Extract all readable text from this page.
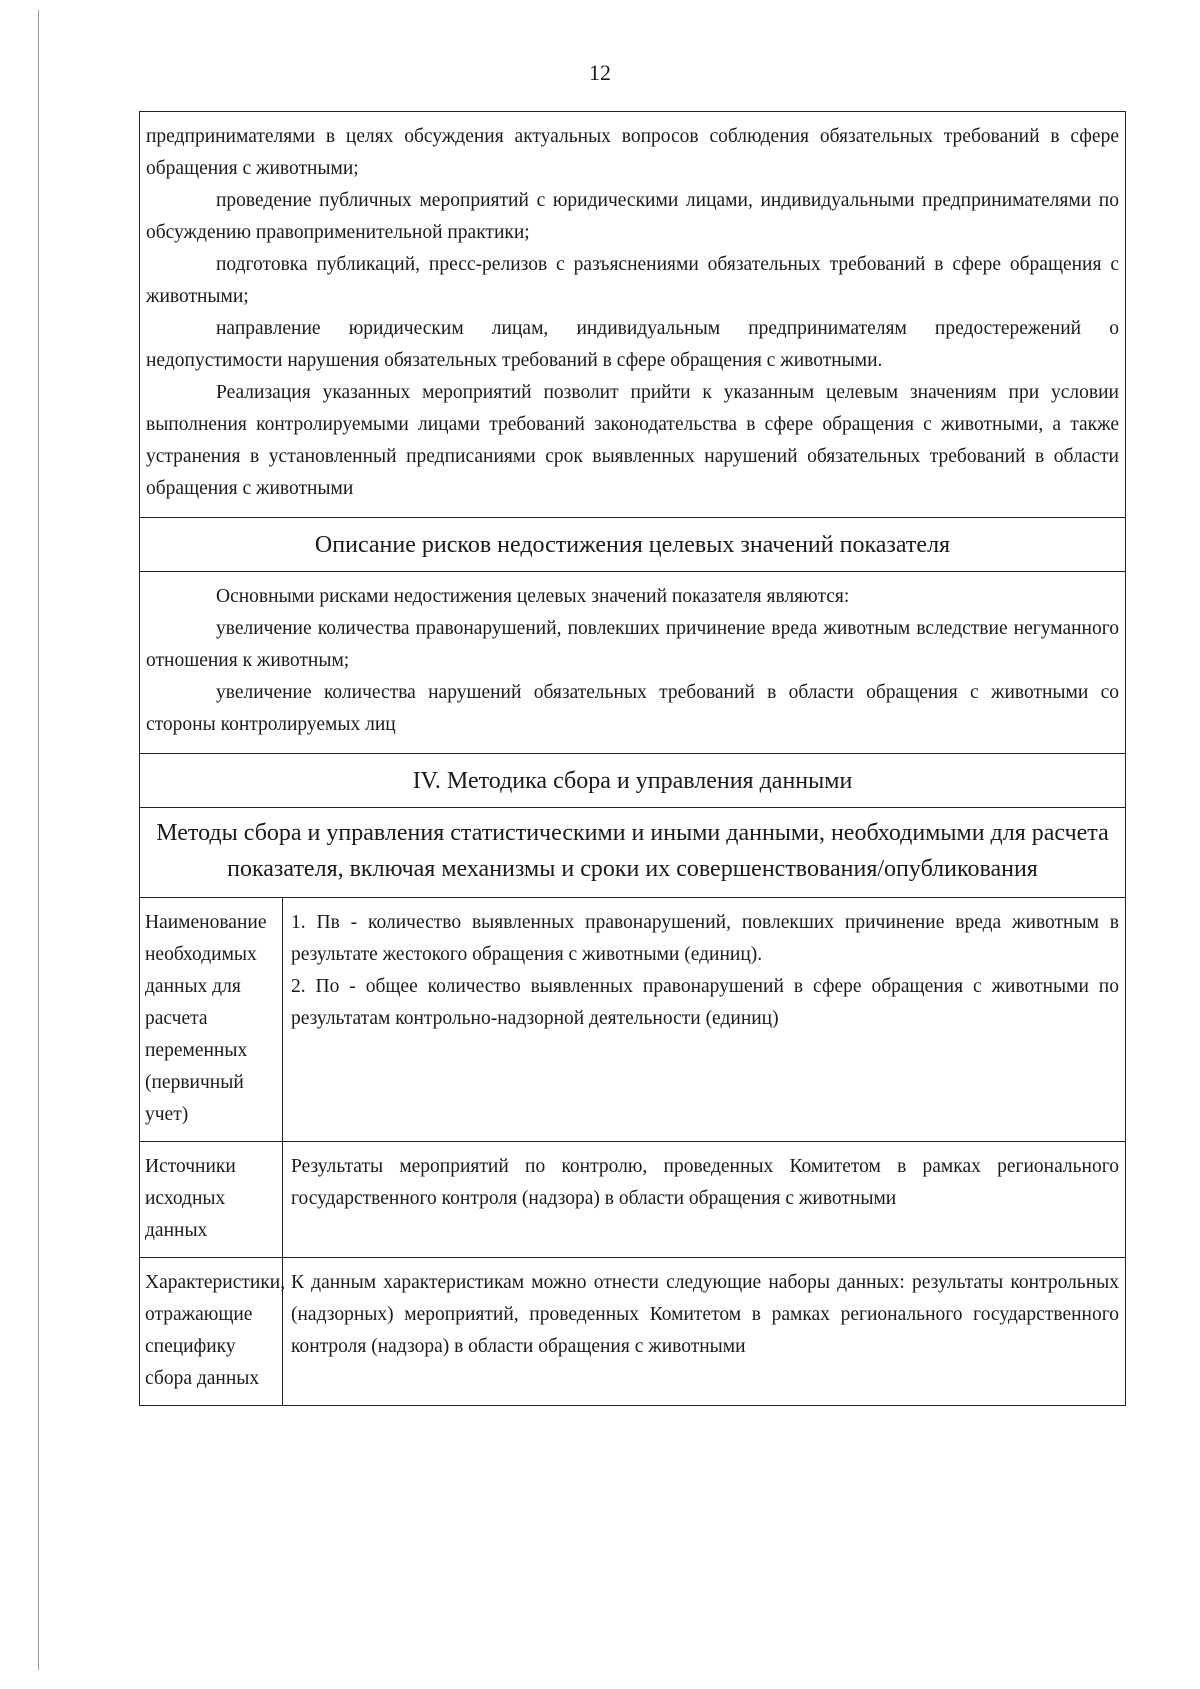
12

предпринимателями в целях обсуждения актуальных вопросов соблюдения обязательных требований в сфере обращения с животными;

проведение публичных мероприятий с юридическими лицами, индивидуальными предпринимателями по обсуждению правоприменительной практики;

подготовка публикаций, пресс-релизов с разъяснениями обязательных требований в сфере обращения с животными;

направление юридическим лицам, индивидуальным предпринимателям предостережений о недопустимости нарушения обязательных требований в сфере обращения с животными.

Реализация указанных мероприятий позволит прийти к указанным целевым значениям при условии выполнения контролируемыми лицами требований законодательства в сфере обращения с животными, а также устранения в установленный предписаниями срок выявленных нарушений обязательных требований в области обращения с животными

Описание рисков недостижения целевых значений показателя

Основными рисками недостижения целевых значений показателя являются:

увеличение количества правонарушений, повлекших причинение вреда животным вследствие негуманного отношения к животным;

увеличение количества нарушений обязательных требований в области обращения с животными со стороны контролируемых лиц

IV. Методика сбора и управления данными
Методы сбора и управления статистическими и иными данными, необходимыми для расчета показателя, включая механизмы и сроки их совершенствования/опубликования
Наименование необходимых данных для расчета переменных (первичный учет)

1. Пв - количество выявленных правонарушений, повлекших причинение вреда животным в результате жестокого обращения с животными (единиц).

2. По - общее количество выявленных правонарушений в сфере обращения с животными по результатам контрольно-надзорной деятельности (единиц)

Источники исходных данных

Результаты мероприятий по контролю, проведенных Комитетом в рамках регионального государственного контроля (надзора) в области обращения с животными

Характеристики, отражающие специфику сбора данных

К данным характеристикам можно отнести следующие наборы данных: результаты контрольных (надзорных) мероприятий, проведенных Комитетом в рамках регионального государственного контроля (надзора) в области обращения с животными
